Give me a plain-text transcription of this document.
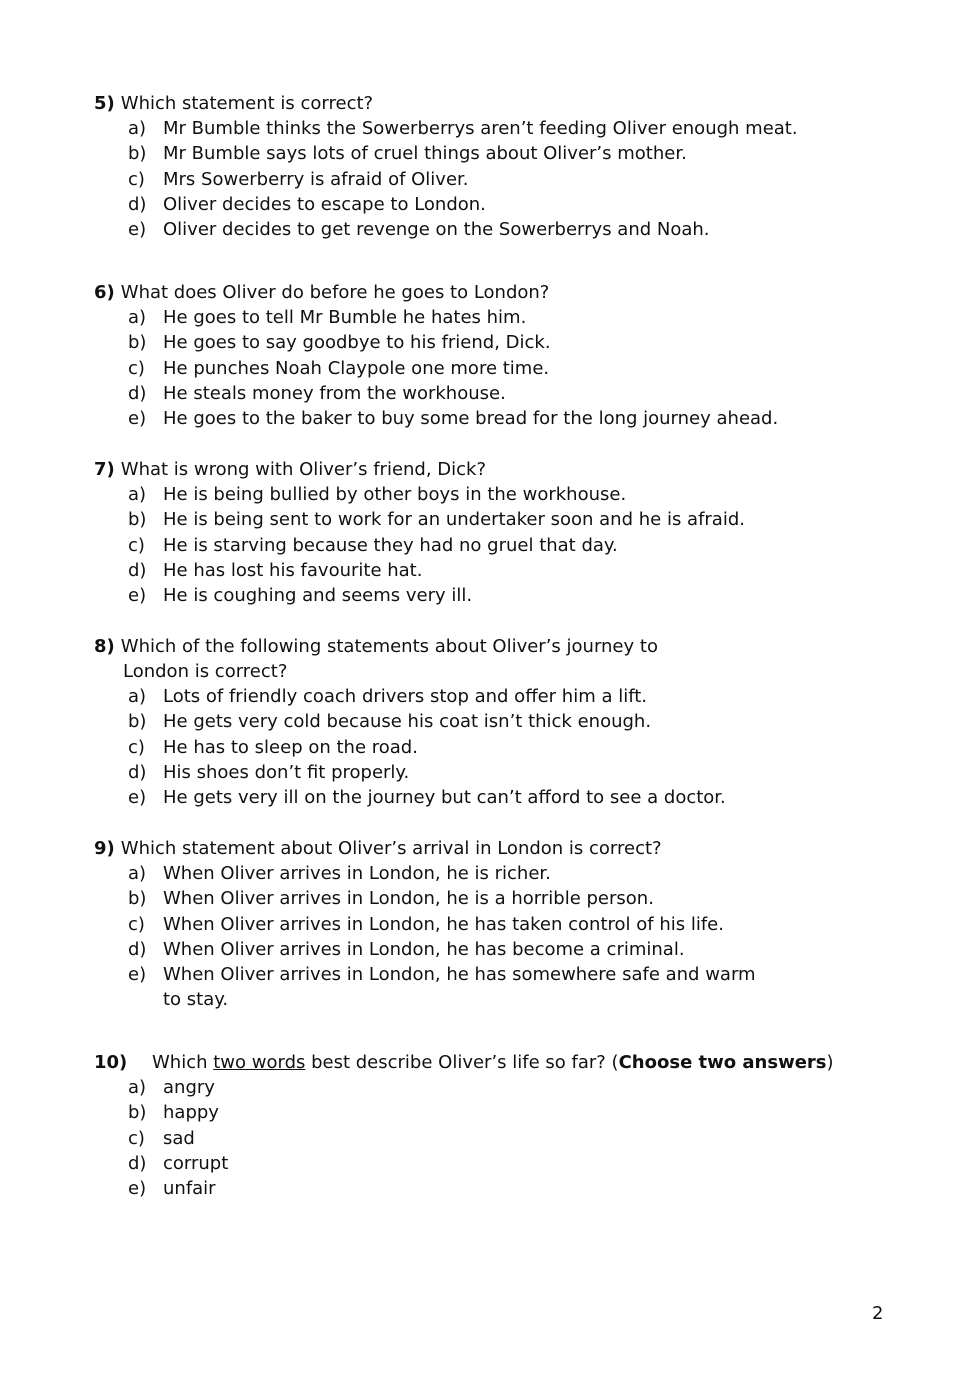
5) Which statement is correct?
a) Mr Bumble thinks the Sowerberrys aren’t feeding Oliver enough meat.
b) Mr Bumble says lots of cruel things about Oliver’s mother.
c) Mrs Sowerberry is afraid of Oliver.
d) Oliver decides to escape to London.
e) Oliver decides to get revenge on the Sowerberrys and Noah.
6) What does Oliver do before he goes to London?
a) He goes to tell Mr Bumble he hates him.
b) He goes to say goodbye to his friend, Dick.
c) He punches Noah Claypole one more time.
d) He steals money from the workhouse.
e) He goes to the baker to buy some bread for the long journey ahead.
7) What is wrong with Oliver’s friend, Dick?
a) He is being bullied by other boys in the workhouse.
b) He is being sent to work for an undertaker soon and he is afraid.
c) He is starving because they had no gruel that day.
d) He has lost his favourite hat.
e) He is coughing and seems very ill.
8) Which of the following statements about Oliver’s journey to
London is correct?
a) Lots of friendly coach drivers stop and offer him a lift.
b) He gets very cold because his coat isn’t thick enough.
c) He has to sleep on the road.
d) His shoes don’t fit properly.
e) He gets very ill on the journey but can’t afford to see a doctor.
9) Which statement about Oliver’s arrival in London is correct?
a) When Oliver arrives in London, he is richer.
b) When Oliver arrives in London, he is a horrible person.
c) When Oliver arrives in London, he has taken control of his life.
d) When Oliver arrives in London, he has become a criminal.
e) When Oliver arrives in London, he has somewhere safe and warm
to stay.
10) Which two words best describe Oliver’s life so far? (Choose two answers)
a) angry
b) happy
c) sad
d) corrupt
e) unfair
2
